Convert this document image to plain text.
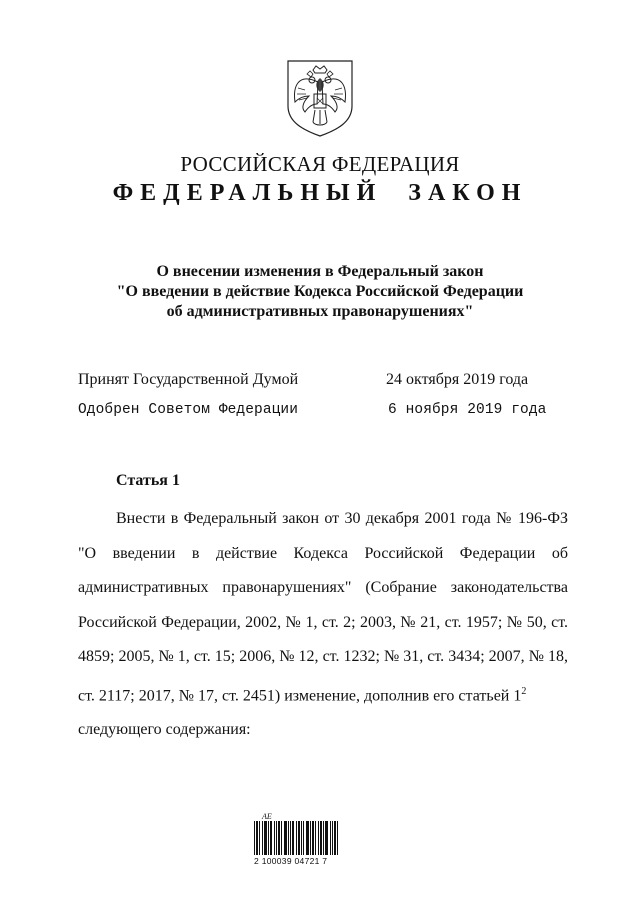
РОССИЙСКАЯ ФЕДЕРАЦИЯ
ФЕДЕРАЛЬНЫЙ ЗАКОН
О внесении изменения в Федеральный закон
"О введении в действие Кодекса Российской Федерации
об административных правонарушениях"
Принят Государственной Думой	24 октября 2019 года
Одобрен Советом Федерации	6 ноября 2019 года
Статья 1

Внести в Федеральный закон от 30 декабря 2001 года № 196-ФЗ "О введении в действие Кодекса Российской Федерации об административных правонарушениях" (Собрание законодательства Российской Федерации, 2002, № 1, ст. 2; 2003, № 21, ст. 1957; № 50, ст. 4859; 2005, № 1, ст. 15; 2006, № 12, ст. 1232; № 31, ст. 3434; 2007, № 18, ст. 2117; 2017, № 17, ст. 2451) изменение, дополнив его статьей $1^2$

следующего содержания:

АЕ
2 100039 04721 7
